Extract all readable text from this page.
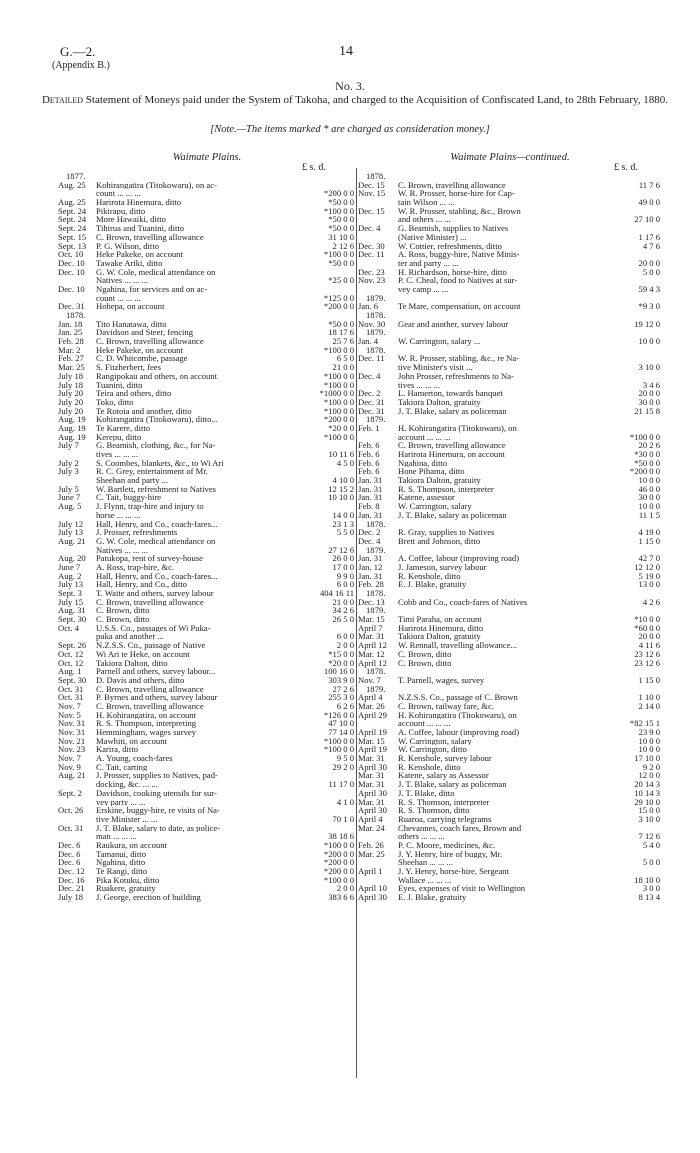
G.—2.
(Appendix B.)
14
No. 3.
Detailed Statement of Moneys paid under the System of Takoha, and charged to the Acquisition of Confiscated Land, to 28th February, 1880.
[Note.—The items marked * are charged as consideration money.]
Waimate Plains.
£ s. d.
1877.
Aug. 25	Kohirangatira (Titokowaru), on ac-
count ... ... ...	*200 0 0
Aug. 25	Harirota Hinemura, ditto	*50 0 0
Sept. 24	Pikirapu, ditto	*100 0 0
Sept. 24	More Hawaiki, ditto	*50 0 0
Sept. 24	Tihirua and Tuanini, ditto	*50 0 0
Sept. 15	C. Brown, travelling allowance	31 10 0
Sept. 13	P. G. Wilson, ditto	2 12 6
Oct. 10	Heke Pakeke, on account	*100 0 0
Dec. 10	Tawake Ariki, ditto	*50 0 0
Dec. 10	G. W. Cole, medical attendance on
Natives ... ... ...	*25 0 0
Dec. 10	Ngahina, for services and on ac-
count ... ... ...	*125 0 0
Dec. 31	Hohepa, on account	*200 0 0
1878.
Jan. 18	Tito Hanatawa, ditto	*50 0 0
Jan. 25	Davidson and Steer, fencing	18 17 6
Feb. 28	C. Brown, travelling allowance	25 7 6
Mar. 2	Heke Pakeke, on account	*100 0 0
Feb. 27	C. D. Whitcombe, passage	6 5 0
Mar. 25	S. Fitzherbert, fees	21 0 0
July 18	Rangipokau and others, on account	*100 0 0
July 18	Tuanini, ditto	*100 0 0
July 20	Teira and others, ditto	*1000 0 0
July 20	Toko, ditto	*100 0 0
July 20	Te Rotoiа and another, ditto	*100 0 0
Aug. 19	Kohirangatira (Titokowaru), ditto...	*200 0 0
Aug. 19	Te Karere, ditto	*20 0 0
Aug. 19	Kerepu, ditto	*100 0 0
July 7	G. Beamish, clothing, &c., for Na-
tives ... ... ...	10 11 6
July 2	S. Coombes, blankets, &c., to Wi Ari	4 5 0
July 3	R. C. Grey, entertainment of Mr.
Sheehan and party ...	4 10 0
July 5	W. Bartlett, refreshment to Natives	12 15 2
June 7	C. Tait, buggy-hire	10 10 0
Aug. 5	J. Flynn, trap-hire and injury to
horse ... ... ...	14 0 0
July 12	Hall, Henry, and Co., coach-fares...	23 1 3
July 13	J. Prosser, refreshments	5 5 0
Aug. 21	G. W. Cole, medical attendance on
Natives ... ... ...	27 12 6
Aug. 20	Patukopa, rent of survey-house	26 0 0
June 7	A. Ross, trap-hire, &c.	17 0 0
Aug. 2	Hall, Henry, and Co., coach-fares...	9 9 0
July 13	Hall, Henry, and Co., ditto	6 0 0
Sept. 3	T. Waite and others, survey labour	404 16 11
July 15	C. Brown, travelling allowance	21 0 0
Aug. 31	C. Brown, ditto	34 2 6
Sept. 30	C. Brown, ditto	26 5 0
Oct. 4	U.S.S. Co., passages of Wi Puka-
puka and another ...	6 0 0
Sept. 26	N.Z.S.S. Co., passage of Native	2 0 0
Oct. 12	Wi Ari te Heke, on account	*15 0 0
Oct. 12	Takiora Dalton, ditto	*20 0 0
Aug. 1	Parnell and others, survey labour...	100 16 0
Sept. 30	D. Davis and others, ditto	303 9 0
Oct. 31	C. Brown, travelling allowance	27 2 6
Oct. 31	P. Byrnes and others, survey labour	255 3 0
Nov. 7	C. Brown, travelling allowance	6 2 6
Nov. 5	H. Kohirangatira, on account	*126 0 0
Nov. 31	R. S. Thompson, interpreting	47 10 0
Nov. 31	Hemmingham, wages survey	77 14 0
Nov. 21	Mawhiti, on account	*100 0 0
Nov. 23	Karira, ditto	*100 0 0
Nov. 7	A. Young, coach-fares	9 5 0
Nov. 9	C. Tait, carting	29 2 0
Aug. 21	J. Prosser, supplies to Natives, pad-
docking, &c. ... ...	11 17 0
Sept. 2	Davidson, cooking utensils for sur-
vey party ... ...	4 1 0
Oct. 26	Erskine, buggy-hire, re visits of Na-
tive Minister ... ...	70 1 0
Oct. 31	J. T. Blake, salary to date, as police-
man ... ... ...	38 18 6
Dec. 6	Raukura, on account	*100 0 0
Dec. 6	Tamanui, ditto	*200 0 0
Dec. 6	Ngahina, ditto	*200 0 0
Dec. 12	Te Rangi, ditto	*200 0 0
Dec. 16	Pika Kotuku, ditto	*100 0 0
Dec. 21	Ruakere, gratuity	2 0 0
July 18	J. George, erection of building	383 6 6
Waimate Plains—continued.
£ s. d.
1878.
Dec. 15	C. Brown, travelling allowance	11 7 6
Nov. 15	W. R. Prosser, horse-hire for Cap-
tain Wilson ... ...	49 0 0
Dec. 15	W. R. Prosser, stabling, &c., Brown
and others ... ...	27 10 0
Dec. 4	G. Beamish, supplies to Natives
(Native Minister) ...	1 17 6
Dec. 30	W. Cottier, refreshments, ditto	4 7 6
Dec. 11	A. Ross, buggy-hire, Native Minis-
ter and party ... ...	20 0 0
Dec. 23	H. Richardson, horse-hire, ditto	5 0 0
Nov. 23	P. C. Cheal, food to Natives at sur-
vey camp ... ...	59 4 3
1879.
Jan. 6	Te Mare, compensation, on account	*9 3 0
1878.
Nov. 30	Gear and another, survey labour	19 12 0
1879.
Jan. 4	W. Carrington, salary ...	10 0 0
1878.
Dec. 11	W. R. Prosser, stabling, &c., re Na-
tive Minister's visit ...	3 10 0
Dec. 4	John Prosser, refreshments to Na-
tives ... ... ...	3 4 6
Dec. 2	L. Hamerton, towards banquet	20 0 0
Dec. 31	Takiora Dalton, gratuity	30 0 0
Dec. 31	J. T. Blake, salary as policeman	21 15 8
1879.
Feb. 1	H. Kohirangatira (Titokowaru), on
account ... ... ...	*100 0 0
Feb. 6	C. Brown, travelling allowance	20 2 6
Feb. 6	Harirota Hinemura, on account	*30 0 0
Feb. 6	Ngahina, ditto	*50 0 0
Feb. 6	Hone Pihama, ditto	*200 0 0
Jan. 31	Takiora Dalton, gratuity	10 0 0
Jan. 31	R. S. Thompson, interpreter	46 0 0
Jan. 31	Katene, assessor	30 0 0
Feb. 8	W. Carrington, salary	10 0 0
Jan. 31	J. T. Blake, salary as policeman	11 1 5
1878.
Dec. 2	R. Gray, supplies to Natives	4 19 0
Dec. 4	Brett and Johnson, ditto	1 15 0
1879.
Jan. 31	A. Coffee, labour (improving road)	42 7 0
Jan. 12	J. Jameson, survey labour	12 12 0
Jan. 31	R. Kenshole, ditto	5 19 0
Feb. 28	E. J. Blake, gratuity	13 0 0
1878.
Dec. 13	Cobb and Co., coach-fares of Natives	4 2 6
1879.
Mar. 15	Timi Paraha, on account	*10 0 0
April 7	Harirota Hinemura, ditto	*60 0 0
Mar. 31	Takiora Dalton, gratuity	20 0 0
April 12	W. Rennall, travelling allowance...	4 11 6
Mar. 12	C. Brown, ditto	23 12 6
April 12	C. Brown, ditto	23 12 6
1878.
Nov. 7	T. Parnell, wages, survey	1 15 0
1879.
April 4	N.Z.S.S. Co., passage of C. Brown	1 10 0
Mar. 26	C. Brown, railway fare, &c.	2 14 0
April 29	H. Kohirangatira (Titokowaru), on
account ... ... ...	*82 15 1
April 19	A. Coffee, labour (improving road)	23 9 0
Mar. 15	W. Carrington, salary	10 0 0
April 19	W. Carrington, ditto	10 0 0
Mar. 31	R. Kenshole, survey labour	17 10 0
April 30	R. Kenshole, ditto	9 2 0
Mar. 31	Katene, salary as Assessor	12 0 0
Mar. 31	J. T. Blake, salary as policeman	20 14 3
April 30	J. T. Blake, ditto	10 14 3
Mar. 31	R. S. Thomson, interpreter	29 10 0
April 30	R. S. Thomson, ditto	15 0 0
April 4	Ruaroa, carrying telegrams	3 10 0
Mar. 24	Chevannes, coach fares, Brown and
others ... ... ...	7 12 6
Feb. 26	P. C. Moore, medicines, &c.	5 4 0
Mar. 25	J. Y. Henry, hire of buggy, Mr.
Sheehan ... ... ...	5 0 0
April 1	J. Y. Henry, horse-hire, Sergeant
Wallace ... ... ...	18 10 0
April 10	Eyes, expenses of visit to Wellington	3 0 0
April 30	E. J. Blake, gratuity	8 13 4
